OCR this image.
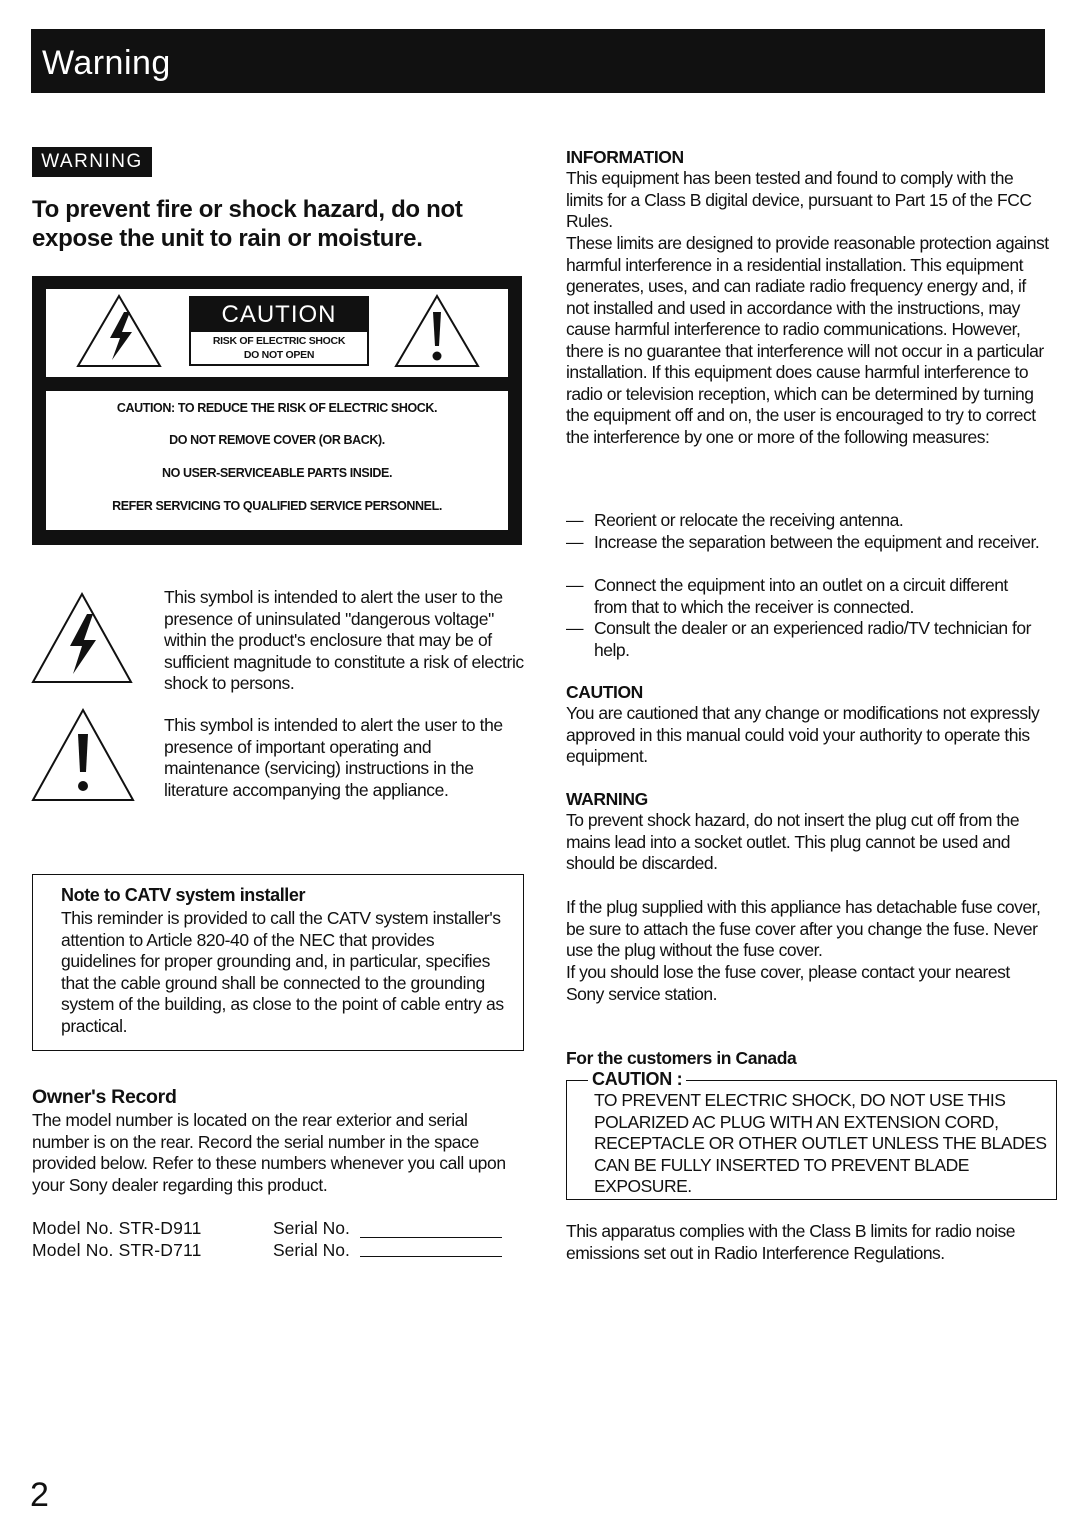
Warning
WARNING
To prevent fire or shock hazard, do not expose the unit to rain or moisture.
CAUTION
RISK OF ELECTRIC SHOCK
DO NOT OPEN
CAUTION: TO REDUCE THE RISK OF ELECTRIC SHOCK.
DO NOT REMOVE COVER (OR BACK).
NO USER-SERVICEABLE PARTS INSIDE.
REFER SERVICING TO QUALIFIED SERVICE PERSONNEL.
This symbol is intended to alert the user to the presence of uninsulated "dangerous voltage" within the product's enclosure that may be of sufficient magnitude to constitute a risk of electric shock to persons.
This symbol is intended to alert the user to the presence of important operating and maintenance (servicing) instructions in the literature accompanying the appliance.
Note to CATV system installer
This reminder is provided to call the CATV system installer's attention to Article 820-40 of the NEC that provides guidelines for proper grounding and, in particular, specifies that the cable ground shall be connected to the grounding system of the building, as close to the point of cable entry as practical.
Owner's Record
The model number is located on the rear exterior and serial number is on the rear. Record the serial number in the space provided below. Refer to these numbers whenever you call upon your Sony dealer regarding this product.
Model No. STR-D911	Serial No.
Model No. STR-D711	Serial No.
INFORMATION
This equipment has been tested and found to comply with the limits for a Class B digital device, pursuant to Part 15 of the FCC Rules.
These limits are designed to provide reasonable protection against harmful interference in a residential installation. This equipment generates, uses, and can radiate radio frequency energy and, if not installed and used in accordance with the instructions, may cause harmful interference to radio communications. However, there is no guarantee that interference will not occur in a particular installation. If this equipment does cause harmful interference to radio or television reception, which can be determined by turning the equipment off and on, the user is encouraged to try to correct the interference by one or more of the following measures:
— Reorient or relocate the receiving antenna.
— Increase the separation between the equipment and receiver.
— Connect the equipment into an outlet on a circuit different from that to which the receiver is connected.
— Consult the dealer or an experienced radio/TV technician for help.
CAUTION
You are cautioned that any change or modifications not expressly approved in this manual could void your authority to operate this equipment.
WARNING
To prevent shock hazard, do not insert the plug cut off from the mains lead into a socket outlet. This plug cannot be used and should be discarded.
If the plug supplied with this appliance has detachable fuse cover, be sure to attach the fuse cover after you change the fuse. Never use the plug without the fuse cover.
If you should lose the fuse cover, please contact your nearest Sony service station.
For the customers in Canada
CAUTION :
TO PREVENT ELECTRIC SHOCK, DO NOT USE THIS POLARIZED AC PLUG WITH AN EXTENSION CORD, RECEPTACLE OR OTHER OUTLET UNLESS THE BLADES CAN BE FULLY INSERTED TO PREVENT BLADE EXPOSURE.
This apparatus complies with the Class B limits for radio noise emissions set out in Radio Interference Regulations.
2
